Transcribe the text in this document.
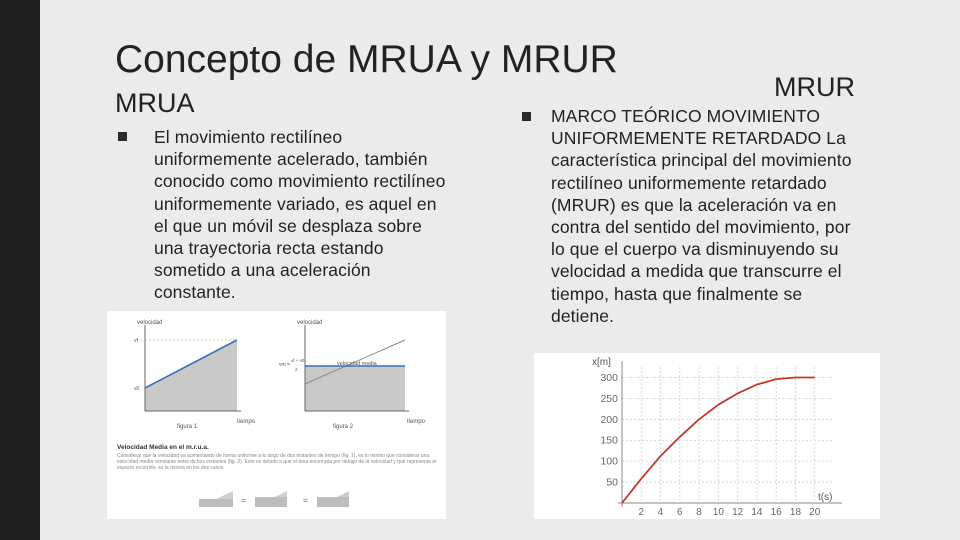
Concepto de MRUA y MRUR
MRUA
El movimiento rectilíneo uniformemente acelerado, también conocido como movimiento rectilíneo uniformemente variado, es aquel en el que un móvil se desplaza sobre una trayectoria recta estando sometido a una aceleración constante.
velocidad
tiempo
vf
v0
figura 1
velocidad
tiempo
velocidad media
vm =
vf + v0
2
figura 2
Velocidad Media en el m.r.u.a.
Considerar que la velocidad va aumentando de forma uniforme a lo largo de dos instantes de tiempo (fig. 1), es lo mismo que considerar una velocidad media constante entre dichos instantes (fig. 2). Esto es debido a que el área encerrada por debajo de la velocidad y que representa el espacio recorrido, es la misma en los dos casos.
=	=
MRUR
MARCO TEÓRICO MOVIMIENTO UNIFORMEMENTE RETARDADO La característica principal del movimiento rectilíneo uniformemente retardado (MRUR) es que la aceleración va en contra del sentido del movimiento, por lo que el cuerpo va disminuyendo su velocidad a medida que transcurre el tiempo, hasta que finalmente se detiene.
t(s)
x[m]
2 4 6 8 10 12 14 16 18 20
50
100
150
200
250
300
